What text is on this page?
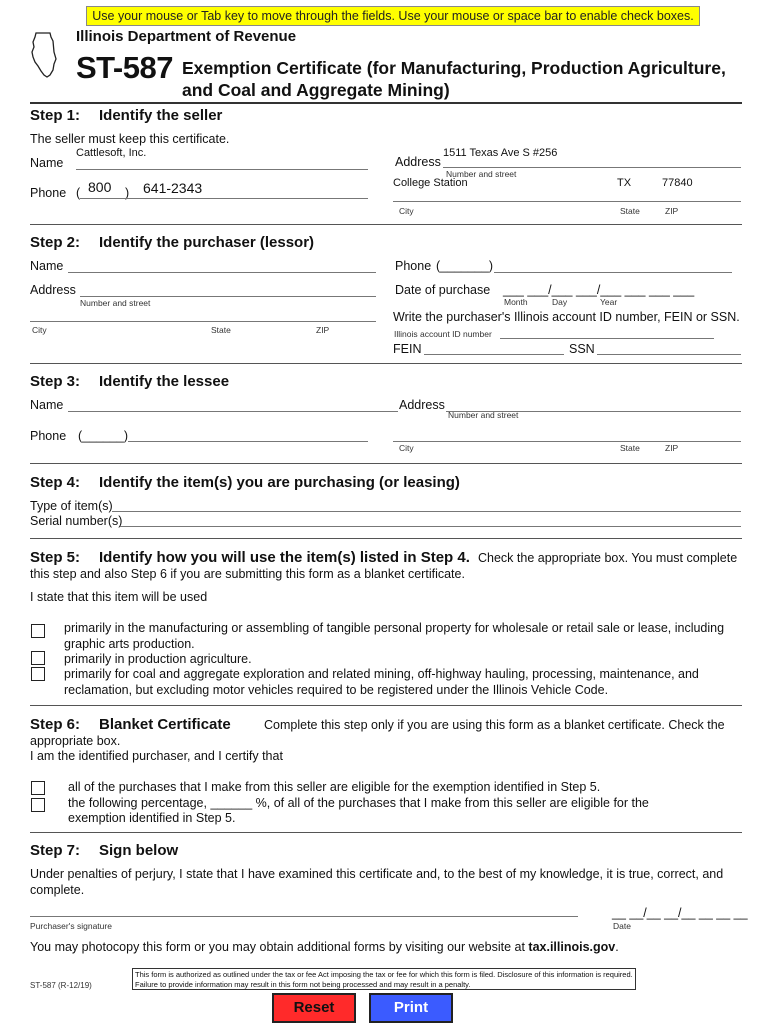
Use your mouse or Tab key to move through the fields. Use your mouse or space bar to enable check boxes.
Illinois Department of Revenue
ST-587 Exemption Certificate (for Manufacturing, Production Agriculture,
and Coal and Aggregate Mining)
Step 1: Identify the seller
The seller must keep this certificate.
Name
Cattlesoft, Inc.
Phone ( 800 ) 641-2343
Address
1511 Texas Ave S #256
Number and street
College Station	TX	77840
City	State	ZIP
Step 2: Identify the purchaser (lessor)
Name
Address
Number and street
City	State	ZIP
Phone (_______)
Date of purchase ___ ___/___ ___/___ ___ ___ ___
Month	Day	Year
Write the purchaser's Illinois account ID number, FEIN or SSN.
Illinois account ID number
FEIN	SSN
Step 3: Identify the lessee
Name	Address
Number and street
Phone (______)
City	State	ZIP
Step 4: Identify the item(s) you are purchasing (or leasing)
Type of item(s)
Serial number(s)
Step 5: Identify how you will use the item(s) listed in Step 4. Check the appropriate box. You must complete
this step and also Step 6 if you are submitting this form as a blanket certificate.
I state that this item will be used
primarily in the manufacturing or assembling of tangible personal property for wholesale or retail sale or lease, including
graphic arts production.
primarily in production agriculture.
primarily for coal and aggregate exploration and related mining, off-highway hauling, processing, maintenance, and
reclamation, but excluding motor vehicles required to be registered under the Illinois Vehicle Code.
Step 6: Blanket Certificate	Complete this step only if you are using this form as a blanket certificate. Check the
appropriate box.
I am the identified purchaser, and I certify that
all of the purchases that I make from this seller are eligible for the exemption identified in Step 5.
the following percentage, ______ %, of all of the purchases that I make from this seller are eligible for the
exemption identified in Step 5.
Step 7: Sign below
Under penalties of perjury, I state that I have examined this certificate and, to the best of my knowledge, it is true, correct, and
complete.
Purchaser's signature
__ __/__ __/__ __ __ __
Date
You may photocopy this form or you may obtain additional forms by visiting our website at tax.illinois.gov.
ST-587 (R-12/19)
This form is authorized as outlined under the tax or fee Act imposing the tax or fee for which this form is filed. Disclosure of this information is required.
Failure to provide information may result in this form not being processed and may result in a penalty.
Reset	Print
